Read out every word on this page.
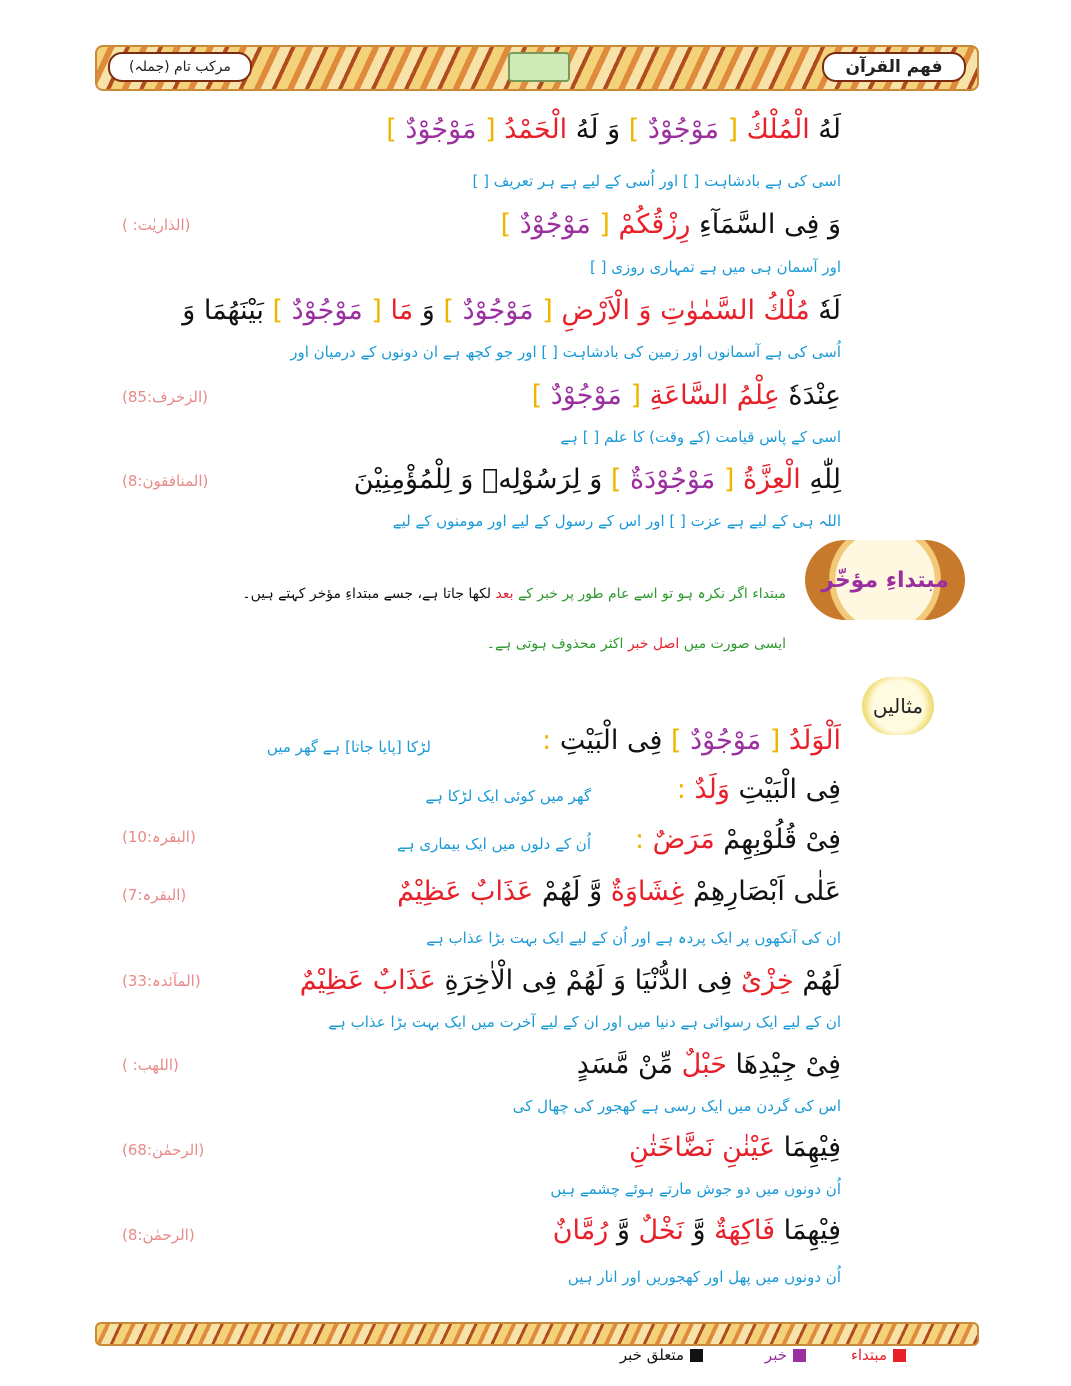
مرکب تام (جملہ)	فهم القرآن
لَهُ الْمُلْكُ [ مَوْجُوْدٌ ] وَ لَهُ الْحَمْدُ [ مَوْجُوْدٌ ]
اسی کی ہے بادشاہت [ ] اور اُسی کے لیے ہے ہر تعریف [ ]
وَ فِی السَّمَآءِ رِزْقُكُمْ [ مَوْجُوْدٌ ]
اور آسمان ہی میں ہے تمہاری روزی [ ]
(الذاریٰت: )
لَهٗ مُلْكُ السَّمٰوٰتِ وَ الْاَرْضِ [ مَوْجُوْدٌ ] وَ مَا [ مَوْجُوْدٌ ] بَيْنَهُمَا وَ
اُسی کی ہے آسمانوں اور زمین کی بادشاہت [ ] اور جو کچھ ہے ان دونوں کے درمیان اور
عِنْدَهٗ عِلْمُ السَّاعَةِ [ مَوْجُوْدٌ ]
اسی کے پاس قیامت (کے وقت) کا علم [ ] ہے
(الزخرف:85)
لِلّٰهِ الْعِزَّةُ [ مَوْجُوْدَةٌ ] وَ لِرَسُوْلِهٖ وَ لِلْمُؤْمِنِيْنَ
اللہ ہی کے لیے ہے عزت [ ] اور اس کے رسول کے لیے اور مومنوں کے لیے
(المنافقون:8)
مبتداءِ مؤخّر
مبتداء اگر نکرہ ہو تو اسے عام طور پر خبر کے بعد لکھا جاتا ہے، جسے مبتداءِ مؤخر کہتے ہیں۔
ایسی صورت میں اصل خبر اکثر محذوف ہوتی ہے۔
مثالیں
اَلْوَلَدُ [ مَوْجُوْدٌ ] فِی الْبَيْتِ :
لڑکا [پایا جاتا] ہے گھر میں
فِی الْبَيْتِ وَلَدٌ :
گھر میں کوئی ایک لڑکا ہے
فِیْ قُلُوْبِهِمْ مَرَضٌ :
اُن کے دلوں میں ایک بیماری ہے
(البقرہ:10)
عَلٰی اَبْصَارِهِمْ غِشَاوَةٌ وَّ لَهُمْ عَذَابٌ عَظِيْمٌ
ان کی آنکھوں پر ایک پردہ ہے اور اُن کے لیے ایک بہت بڑا عذاب ہے
(البقرہ:7)
لَهُمْ خِزْیٌ فِی الدُّنْيَا وَ لَهُمْ فِی الْاٰخِرَةِ عَذَابٌ عَظِيْمٌ
ان کے لیے ایک رسوائی ہے دنیا میں اور ان کے لیے آخرت میں ایک بہت بڑا عذاب ہے
(المآئدہ:33)
فِیْ جِيْدِهَا حَبْلٌ مِّنْ مَّسَدٍ
اس کی گردن میں ایک رسی ہے کھجور کی چھال کی
(اللھب: )
فِيْهِمَا عَيْنٰنِ نَضَّاخَتٰنِ
اُن دونوں میں دو جوش مارتے ہوئے چشمے ہیں
(الرحمٰن:68)
فِيْهِمَا فَاكِهَةٌ وَّ نَخْلٌ وَّ رُمَّانٌ
اُن دونوں میں پھل اور کھجوریں اور انار ہیں
(الرحمٰن:8)
مبتداء
خبر
متعلق خبر
